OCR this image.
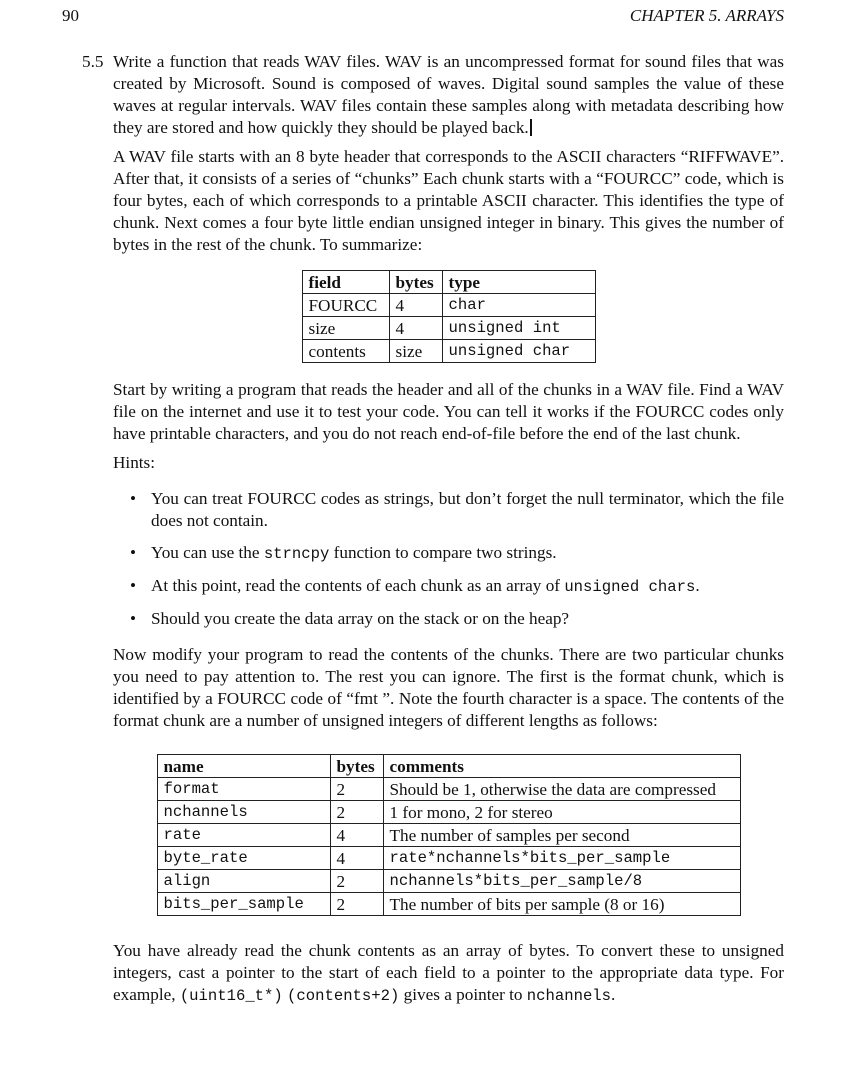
90	CHAPTER 5. ARRAYS
5.5 Write a function that reads WAV files. WAV is an uncompressed format for sound files that was created by Microsoft. Sound is composed of waves. Digital sound samples the value of these waves at regular intervals. WAV files contain these samples along with metadata describing how they are stored and how quickly they should be played back.

A WAV file starts with an 8 byte header that corresponds to the ASCII characters “RIFFWAVE”. After that, it consists of a series of “chunks” Each chunk starts with a “FOURCC” code, which is four bytes, each of which corresponds to a printable ASCII character. This identifies the type of chunk. Next comes a four byte little endian unsigned integer in binary. This gives the number of bytes in the rest of the chunk. To summarize:

field	bytes	type
FOURCC	4	char
size	4	unsigned int
contents	size	unsigned char

Start by writing a program that reads the header and all of the chunks in a WAV file. Find a WAV file on the internet and use it to test your code. You can tell it works if the FOURCC codes only have printable characters, and you do not reach end-of-file before the end of the last chunk.

Hints:

• You can treat FOURCC codes as strings, but don’t forget the null terminator, which the file does not contain.
• You can use the strncpy function to compare two strings.
• At this point, read the contents of each chunk as an array of unsigned chars.
• Should you create the data array on the stack or on the heap?

Now modify your program to read the contents of the chunks. There are two particular chunks you need to pay attention to. The rest you can ignore. The first is the format chunk, which is identified by a FOURCC code of “fmt ”. Note the fourth character is a space. The contents of the format chunk are a number of unsigned integers of different lengths as follows:

name	bytes	comments
format	2	Should be 1, otherwise the data are compressed
nchannels	2	1 for mono, 2 for stereo
rate	4	The number of samples per second
byte_rate	4	rate*nchannels*bits_per_sample
align	2	nchannels*bits_per_sample/8
bits_per_sample	2	The number of bits per sample (8 or 16)

You have already read the chunk contents as an array of bytes. To convert these to unsigned integers, cast a pointer to the start of each field to a pointer to the appropriate data type. For example, (uint16_t*) (contents+2) gives a pointer to nchannels.
